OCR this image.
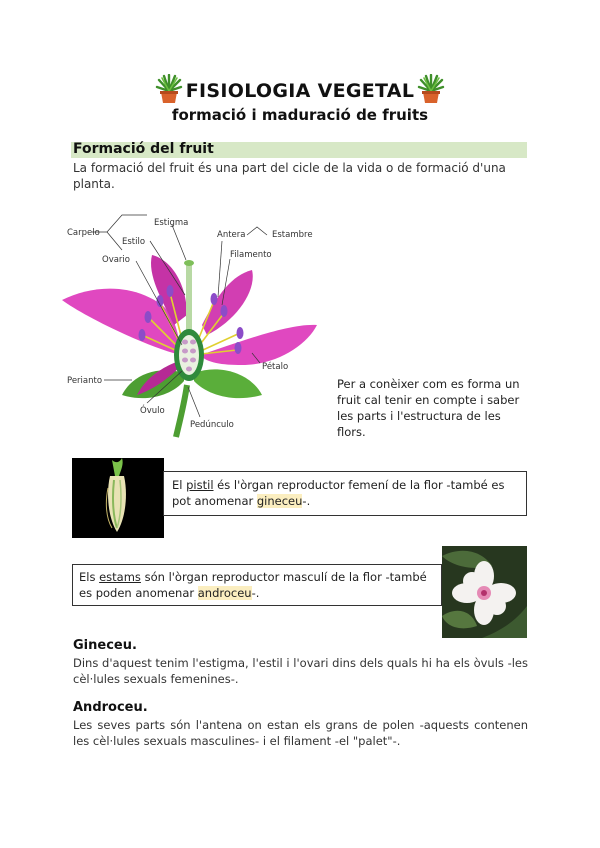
FISIOLOGIA VEGETAL
formació i maduració de fruits
Formació del fruit
La formació del fruit és una part del cicle de la vida o de formació d'una planta.
Carpelo
Estigma
Estilo
Ovario
Antera	Estambre
Filamento
Pétalo
Perianto
Óvulo
Pedúnculo
Per a conèixer com es forma un fruit cal tenir en compte i saber les parts i l'estructura de les flors.
El pistil és l'òrgan reproductor femení de la flor -també es pot anomenar gineceu-.
Els estams són l'òrgan reproductor masculí de la flor -també es poden anomenar androceu-.
Gineceu.
Dins d'aquest tenim l'estigma, l'estil i l'ovari dins dels quals hi ha els òvuls -les cèl·lules sexuals femenines-.
Androceu.
Les seves parts són l'antena on estan els grans de polen -aquests contenen les cèl·lules sexuals masculines- i el filament -el "palet"-.
